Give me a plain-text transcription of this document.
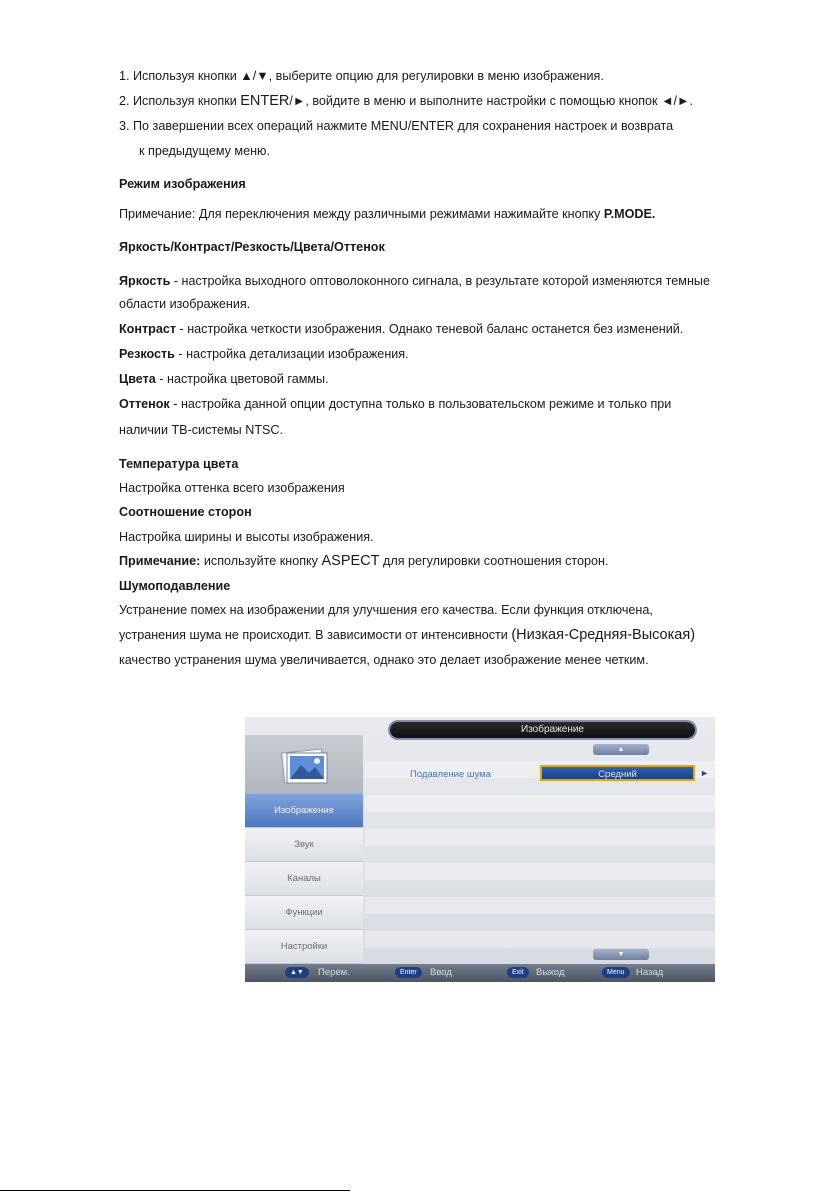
1. Используя кнопки ▲/▼, выберите опцию для регулировки в меню изображения.
2. Используя кнопки ENTER/►, войдите в меню и выполните настройки с помощью кнопок ◄/►.
3. По завершении всех операций нажмите MENU/ENTER для сохранения настроек и возврата
к предыдущему меню.
Режим изображения
Примечание: Для переключения между различными режимами нажимайте кнопку P.MODE.
Яркость/Контраст/Резкость/Цвета/Оттенок
Яркость - настройка выходного оптоволоконного сигнала, в результате которой изменяются темные
области изображения.
Контраст - настройка четкости изображения. Однако теневой баланс останется без изменений.
Резкость - настройка детализации изображения.
Цвета - настройка цветовой гаммы.
Оттенок - настройка данной опции доступна только в пользовательском режиме и только при
наличии ТВ-системы NTSC.
Температура цвета
Настройка оттенка всего изображения
Соотношение сторон
Настройка ширины и высоты изображения.
Примечание: используйте кнопку ASPECT для регулировки соотношения сторон.
Шумоподавление
Устранение помех на изображении для улучшения его качества. Если функция отключена,
устранения шума не происходит. В зависимости от интенсивности (Низкая-Средняя-Высокая)
качество устранения шума увеличивается, однако это делает изображение менее четким.
Изображение
▲
Изображение
Звук
Каналы
Функции
Настройки
Подавление шума	Средний	►
▼
▲▼	Перем.	Enter	Ввод	Exit	Выход	Menu	Назад
